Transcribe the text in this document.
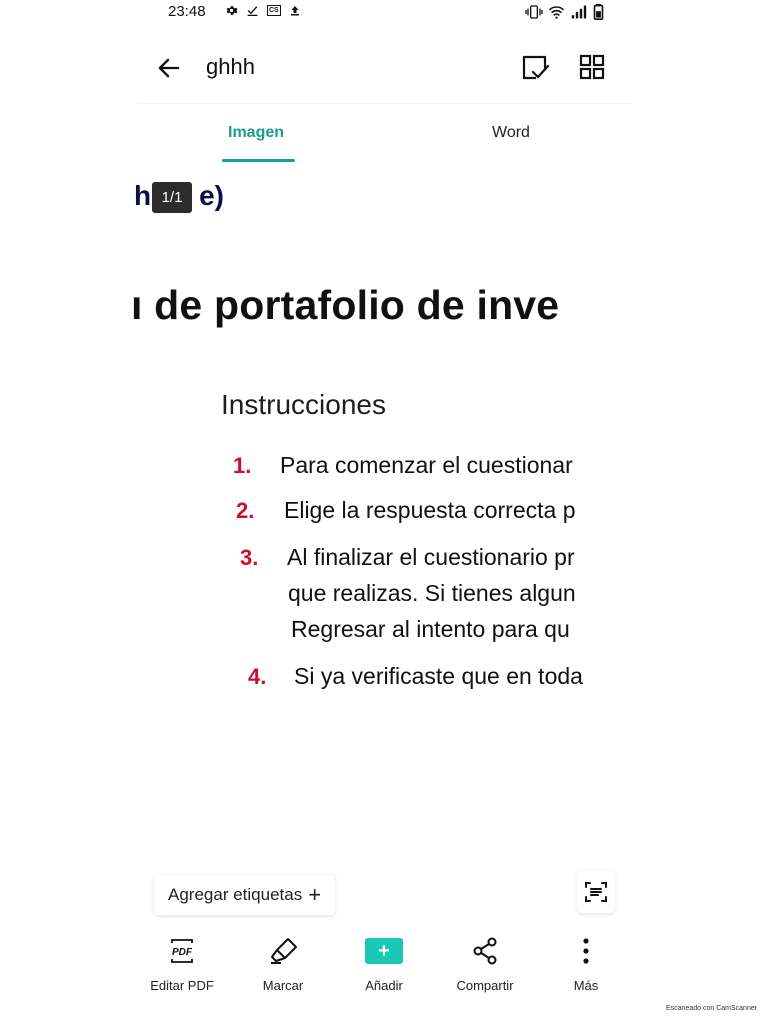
23:48	CS
ghhh
Imagen	Word
h e)
1/1
ı de portafolio de inve
Instrucciones
1. Para comenzar el cuestionar
2. Elige la respuesta correcta p
3. Al finalizar el cuestionario pr
que realizas. Si tienes algun
Regresar al intento para qu
4. Si ya verificaste que en toda
Agregar etiquetas +
PDF
Editar PDF	Marcar
+
Añadir	Compartir	Más
Escaneado con CamScanner
